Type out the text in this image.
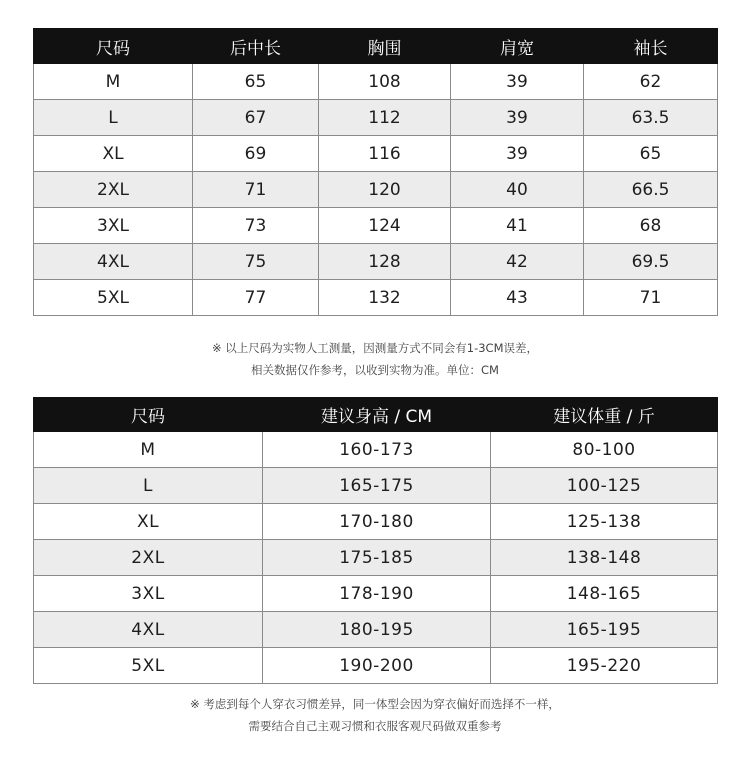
尺码	后中长	胸围	肩宽	袖长
M	65	108	39	62
L	67	112	39	63.5
XL	69	116	39	65
2XL	71	120	40	66.5
3XL	73	124	41	68
4XL	75	128	42	69.5
5XL	77	132	43	71
※ 以上尺码为实物人工测量，因测量方式不同会有1-3CM误差，
相关数据仅作参考，以收到实物为准。单位：CM
尺码	建议身高 / CM	建议体重 / 斤
M	160-173	80-100
L	165-175	100-125
XL	170-180	125-138
2XL	175-185	138-148
3XL	178-190	148-165
4XL	180-195	165-195
5XL	190-200	195-220
※ 考虑到每个人穿衣习惯差异，同一体型会因为穿衣偏好而选择不一样，
需要结合自己主观习惯和衣服客观尺码做双重参考
